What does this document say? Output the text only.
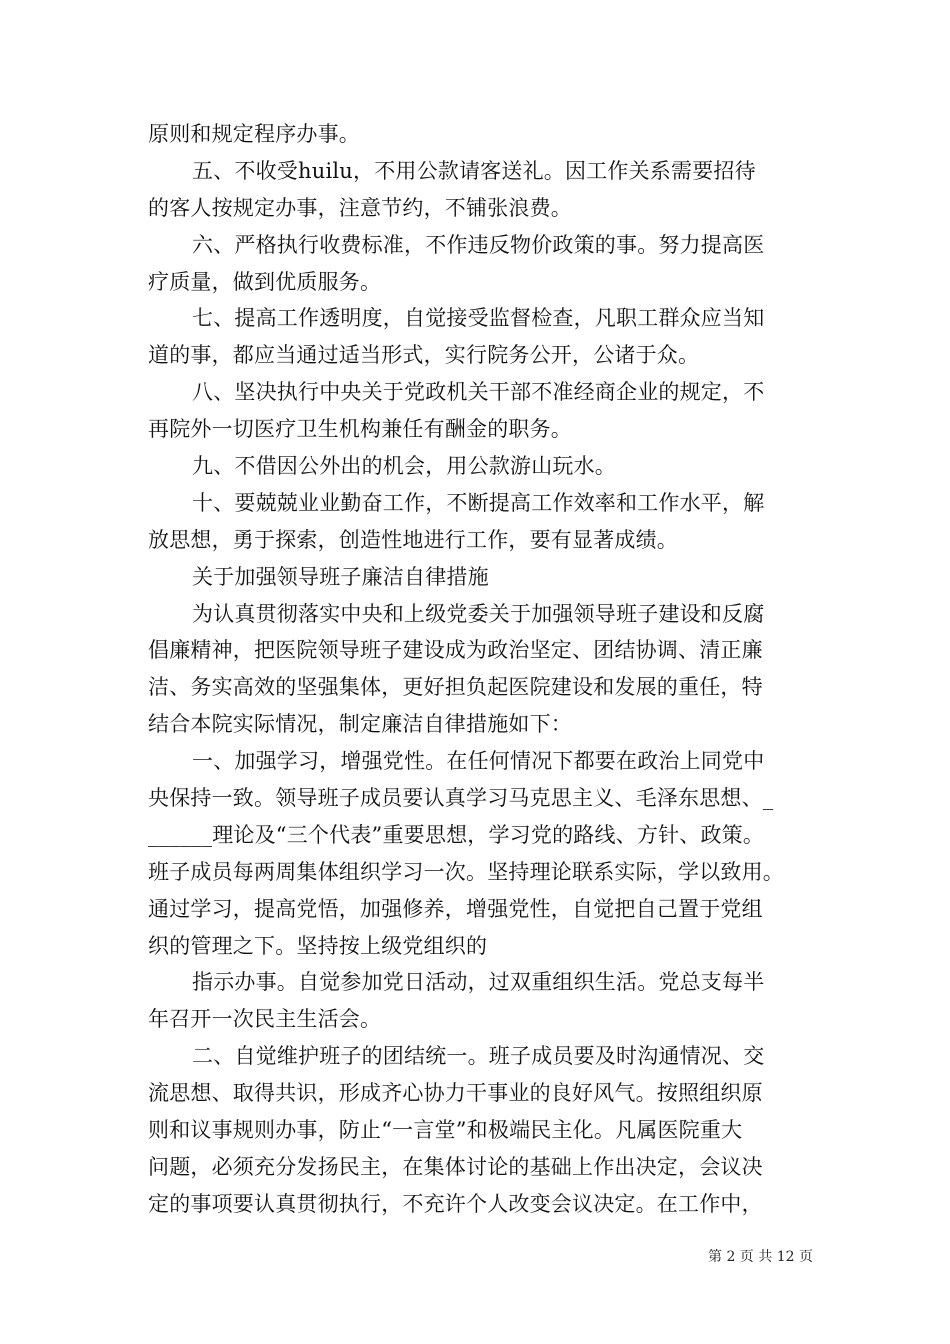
原则和规定程序办事。
五、不收受huilu，不用公款请客送礼。因工作关系需要招待
的客人按规定办事，注意节约，不铺张浪费。
六、严格执行收费标准，不作违反物价政策的事。努力提高医
疗质量，做到优质服务。
七、提高工作透明度，自觉接受监督检查，凡职工群众应当知
道的事，都应当通过适当形式，实行院务公开，公诸于众。
八、坚决执行中央关于党政机关干部不准经商企业的规定，不
再院外一切医疗卫生机构兼任有酬金的职务。
九、不借因公外出的机会，用公款游山玩水。
十、要兢兢业业勤奋工作，不断提高工作效率和工作水平，解
放思想，勇于探索，创造性地进行工作，要有显著成绩。
关于加强领导班子廉洁自律措施
为认真贯彻落实中央和上级党委关于加强领导班子建设和反腐
倡廉精神，把医院领导班子建设成为政治坚定、团结协调、清正廉
洁、务实高效的坚强集体，更好担负起医院建设和发展的重任，特
结合本院实际情况，制定廉洁自律措施如下：
一、加强学习，增强党性。在任何情况下都要在政治上同党中
央保持一致。领导班子成员要认真学习马克思主义、毛泽东思想、_
______理论及“三个代表”重要思想，学习党的路线、方针、政策。
班子成员每两周集体组织学习一次。坚持理论联系实际，学以致用。
通过学习，提高党悟，加强修养，增强党性，自觉把自己置于党组
织的管理之下。坚持按上级党组织的
指示办事。自觉参加党日活动，过双重组织生活。党总支每半
年召开一次民主生活会。
二、自觉维护班子的团结统一。班子成员要及时沟通情况、交
流思想、取得共识，形成齐心协力干事业的良好风气。按照组织原
则和议事规则办事，防止“一言堂”和极端民主化。凡属医院重大
问题，必须充分发扬民主，在集体讨论的基础上作出决定，会议决
定的事项要认真贯彻执行，不充许个人改变会议决定。在工作中，
第 2 页 共 12 页
